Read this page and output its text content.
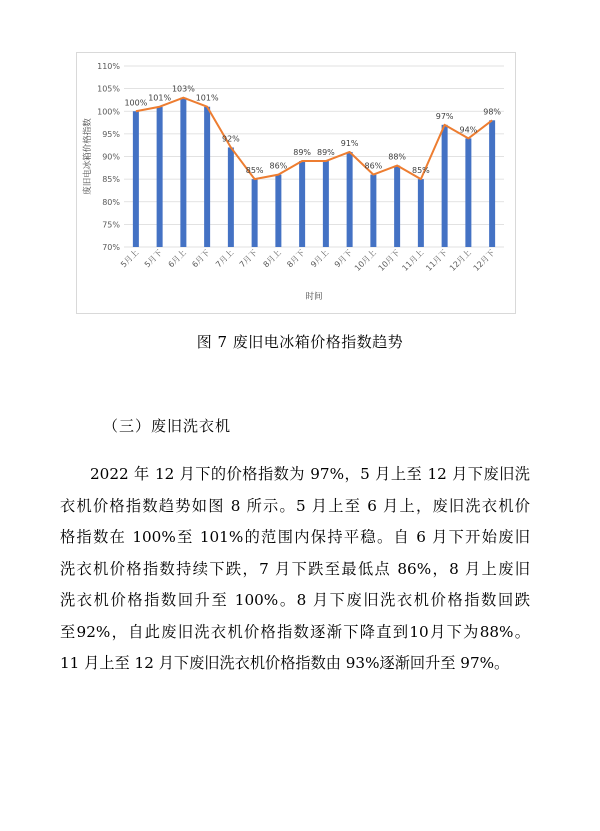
70%
75%
80%
85%
90%
95%
100%
105%
110%
100%
101%
103%
101%
92%
85%
86%
89% 89%
91%
86%
88%
85%
97%
94%
98%
5月上 5月下 6月上 6月下 7月上 7月下 8月上 8月下 9月上 9月下
10月上
10月下
11月上
11月下
12月上
12月下
时间
废旧电冰箱价格指数
图 7 废旧电冰箱价格指数趋势
（三）废旧洗衣机
2022 年 12 月下的价格指数为 97%，5 月上至 12 月下废旧洗
衣机价格指数趋势如图 8 所示。5 月上至 6 月上，废旧洗衣机价
格指数在 100%至 101%的范围内保持平稳。自 6 月下开始废旧
洗衣机价格指数持续下跌，7 月下跌至最低点 86%，8 月上废旧
洗衣机价格指数回升至 100%。8 月下废旧洗衣机价格指数回跌
至92%，自此废旧洗衣机价格指数逐渐下降直到10月下为88%。
11 月上至 12 月下废旧洗衣机价格指数由 93%逐渐回升至 97%。
